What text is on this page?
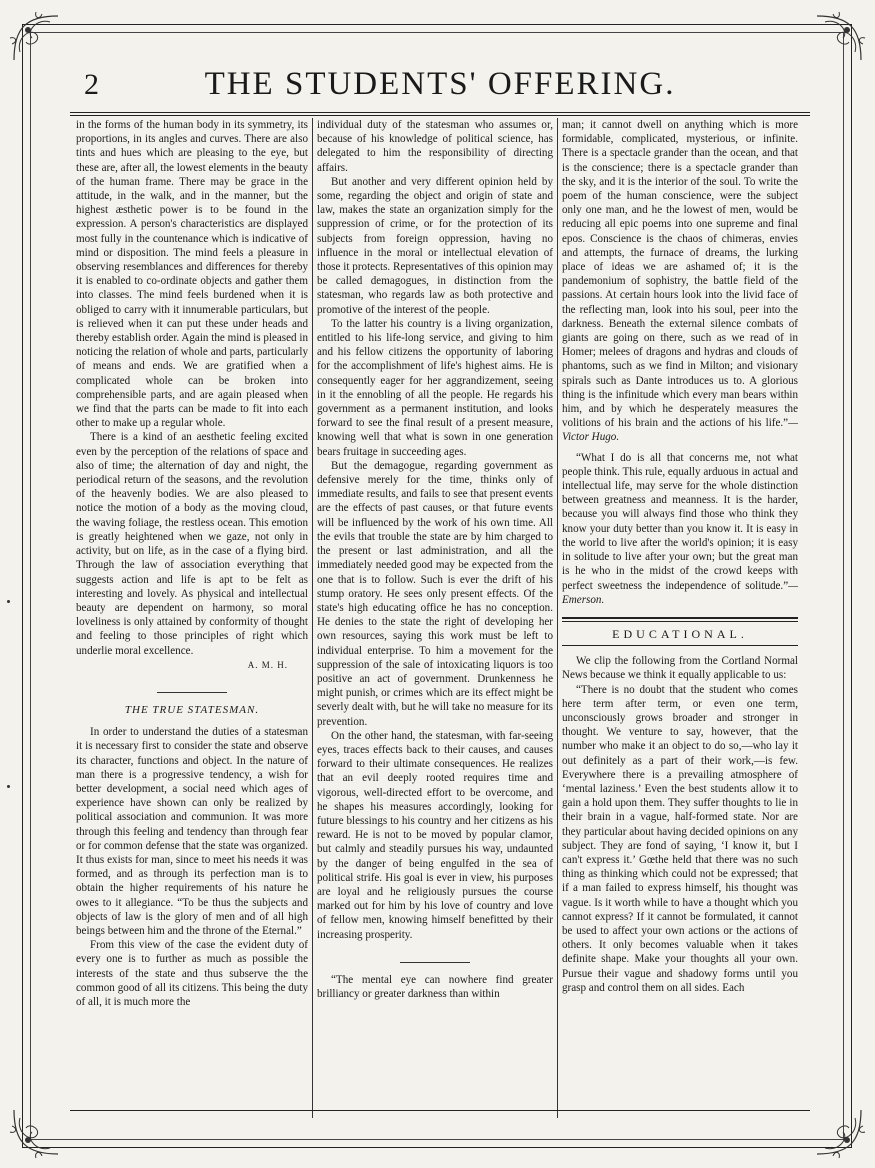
2	THE STUDENTS' OFFERING.

in the forms of the human body in its symmetry, its proportions, in its angles and curves. There are also tints and hues which are pleasing to the eye, but these are, after all, the lowest elements in the beauty of the human frame. There may be grace in the attitude, in the walk, and in the manner, but the highest æsthetic power is to be found in the expression. A person's characteristics are displayed most fully in the countenance which is indicative of mind or disposition. The mind feels a pleasure in observing resemblances and differences for thereby it is enabled to co-ordinate objects and gather them into classes. The mind feels burdened when it is obliged to carry with it innumerable particulars, but is relieved when it can put these under heads and thereby establish order. Again the mind is pleased in noticing the relation of whole and parts, particularly of means and ends. We are gratified when a complicated whole can be broken into comprehensible parts, and are again pleased when we find that the parts can be made to fit into each other to make up a regular whole.

There is a kind of an aesthetic feeling excited even by the perception of the relations of space and also of time; the alternation of day and night, the periodical return of the seasons, and the revolution of the heavenly bodies. We are also pleased to notice the motion of a body as the moving cloud, the waving foliage, the restless ocean. This emotion is greatly heightened when we gaze, not only in activity, but on life, as in the case of a flying bird. Through the law of association everything that suggests action and life is apt to be felt as interesting and lovely. As physical and intellectual beauty are dependent on harmony, so moral loveliness is only attained by conformity of thought and feeling to those principles of right which underlie moral excellence.

A. M. H.
THE TRUE STATESMAN.

In order to understand the duties of a statesman it is necessary first to consider the state and observe its character, functions and object. In the nature of man there is a progressive tendency, a wish for better development, a social need which ages of experience have shown can only be realized by political association and communion. It was more through this feeling and tendency than through fear or for common defense that the state was organized. It thus exists for man, since to meet his needs it was formed, and as through its perfection man is to obtain the higher requirements of his nature he owes to it allegiance. “To be thus the subjects and objects of law is the glory of men and of all high beings between him and the throne of the Eternal.”

From this view of the case the evident duty of every one is to further as much as possible the interests of the state and thus subserve the the common good of all its citizens. This being the duty of all, it is much more the

individual duty of the statesman who assumes or, because of his knowledge of political science, has delegated to him the responsibility of directing affairs.

But another and very different opinion held by some, regarding the object and origin of state and law, makes the state an organization simply for the suppression of crime, or for the protection of its subjects from foreign oppression, having no influence in the moral or intellectual elevation of those it protects. Representatives of this opinion may be called demagogues, in distinction from the statesman, who regards law as both protective and promotive of the interest of the people.

To the latter his country is a living organization, entitled to his life-long service, and giving to him and his fellow citizens the opportunity of laboring for the accomplishment of life's highest aims. He is consequently eager for her aggrandizement, seeing in it the ennobling of all the people. He regards his government as a permanent institution, and looks forward to see the final result of a present measure, knowing well that what is sown in one generation bears fruitage in succeeding ages.

But the demagogue, regarding government as defensive merely for the time, thinks only of immediate results, and fails to see that present events are the effects of past causes, or that future events will be influenced by the work of his own time. All the evils that trouble the state are by him charged to the present or last administration, and all the immediately needed good may be expected from the one that is to follow. Such is ever the drift of his stump oratory. He sees only present effects. Of the state's high educating office he has no conception. He denies to the state the right of developing her own resources, saying this work must be left to individual enterprise. To him a movement for the suppression of the sale of intoxicating liquors is too positive an act of government. Drunkenness he might punish, or crimes which are its effect might be severly dealt with, but he will take no measure for its prevention.

On the other hand, the statesman, with far-seeing eyes, traces effects back to their causes, and causes forward to their ultimate consequences. He realizes that an evil deeply rooted requires time and vigorous, well-directed effort to be overcome, and he shapes his measures accordingly, looking for future blessings to his country and her citizens as his reward. He is not to be moved by popular clamor, but calmly and steadily pursues his way, undaunted by the danger of being engulfed in the sea of political strife. His goal is ever in view, his purposes are loyal and he religiously pursues the course marked out for him by his love of country and love of fellow men, knowing himself benefitted by their increasing prosperity.

“The mental eye can nowhere find greater brilliancy or greater darkness than within

man; it cannot dwell on anything which is more formidable, complicated, mysterious, or infinite. There is a spectacle grander than the ocean, and that is the conscience; there is a spectacle grander than the sky, and it is the interior of the soul. To write the poem of the human conscience, were the subject only one man, and he the lowest of men, would be reducing all epic poems into one supreme and final epos. Conscience is the chaos of chimeras, envies and attempts, the furnace of dreams, the lurking place of ideas we are ashamed of; it is the pandemonium of sophistry, the battle field of the passions. At certain hours look into the livid face of the reflecting man, look into his soul, peer into the darkness. Beneath the external silence combats of giants are going on there, such as we read of in Homer; melees of dragons and hydras and clouds of phantoms, such as we find in Milton; and visionary spirals such as Dante introduces us to. A glorious thing is the infinitude which every man bears within him, and by which he desperately measures the volitions of his brain and the actions of his life.”—Victor Hugo.

“What I do is all that concerns me, not what people think. This rule, equally arduous in actual and intellectual life, may serve for the whole distinction between greatness and meanness. It is the harder, because you will always find those who think they know your duty better than you know it. It is easy in the world to live after the world's opinion; it is easy in solitude to live after your own; but the great man is he who in the midst of the crowd keeps with perfect sweetness the independence of solitude.”—Emerson.

EDUCATIONAL.

We clip the following from the Cortland Normal News because we think it equally applicable to us:

“There is no doubt that the student who comes here term after term, or even one term, unconsciously grows broader and stronger in thought. We venture to say, however, that the number who make it an object to do so,—who lay it out definitely as a part of their work,—is few. Everywhere there is a prevailing atmosphere of ‘mental laziness.’ Even the best students allow it to gain a hold upon them. They suffer thoughts to lie in their brain in a vague, half-formed state. Nor are they particular about having decided opinions on any subject. They are fond of saying, ‘I know it, but I can't express it.’ Gœthe held that there was no such thing as thinking which could not be expressed; that if a man failed to express himself, his thought was vague. Is it worth while to have a thought which you cannot express? If it cannot be formulated, it cannot be used to affect your own actions or the actions of others. It only becomes valuable when it takes definite shape. Make your thoughts all your own. Pursue their vague and shadowy forms until you grasp and control them on all sides. Each
